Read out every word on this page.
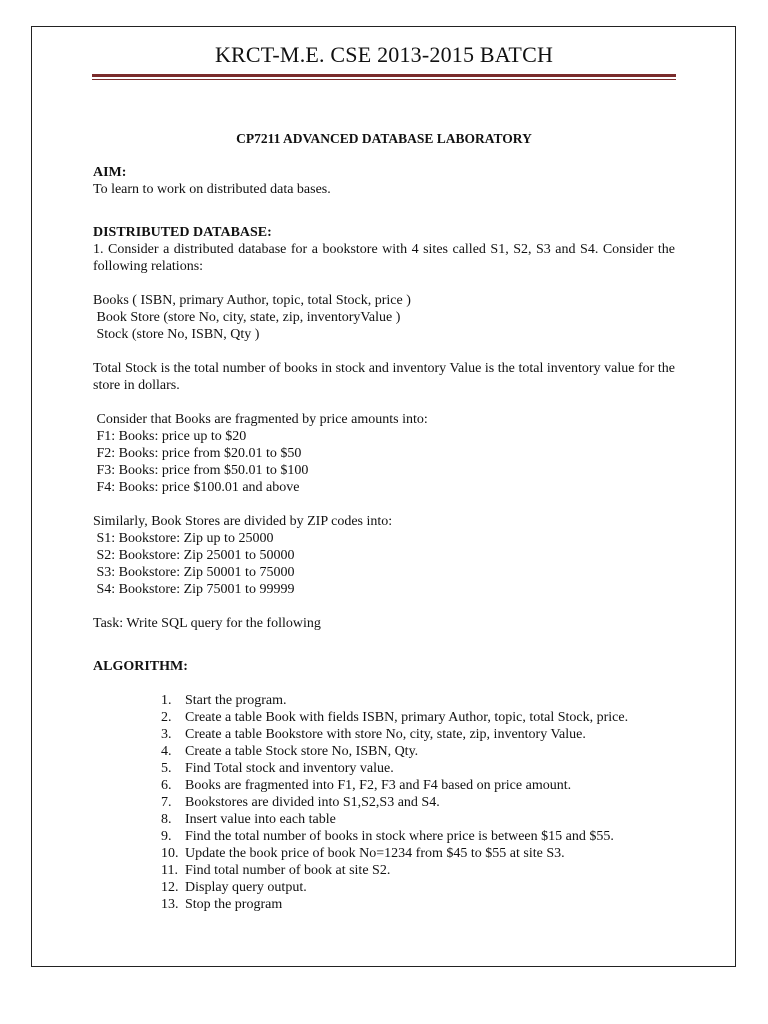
KRCT-M.E. CSE 2013-2015 BATCH

CP7211 ADVANCED DATABASE LABORATORY

AIM:

To learn to work on distributed data bases.

DISTRIBUTED DATABASE:

1. Consider a distributed database for a bookstore with 4 sites called S1, S2, S3 and S4. Consider the following relations:

Books ( ISBN, primary Author, topic, total Stock, price )

Book Store (store No, city, state, zip, inventoryValue )

Stock (store No, ISBN, Qty )

Total Stock is the total number of books in stock and inventory Value is the total inventory value for the store in dollars.

Consider that Books are fragmented by price amounts into:

F1: Books: price up to $20

F2: Books: price from $20.01 to $50

F3: Books: price from $50.01 to $100

F4: Books: price $100.01 and above

Similarly, Book Stores are divided by ZIP codes into:

S1: Bookstore: Zip up to 25000

S2: Bookstore: Zip 25001 to 50000

S3: Bookstore: Zip 50001 to 75000

S4: Bookstore: Zip 75001 to 99999

Task: Write SQL query for the following

ALGORITHM:

1. Start the program.
2. Create a table Book with fields ISBN, primary Author, topic, total Stock, price.
3. Create a table Bookstore with store No, city, state, zip, inventory Value.
4. Create a table Stock store No, ISBN, Qty.
5. Find Total stock and inventory value.
6. Books are fragmented into F1, F2, F3 and F4 based on price amount.
7. Bookstores are divided into S1,S2,S3 and S4.
8. Insert value into each table
9. Find the total number of books in stock where price is between $15 and $55.
10. Update the book price of book No=1234 from $45 to $55 at site S3.
11. Find total number of book at site S2.
12. Display query output.
13. Stop the program
